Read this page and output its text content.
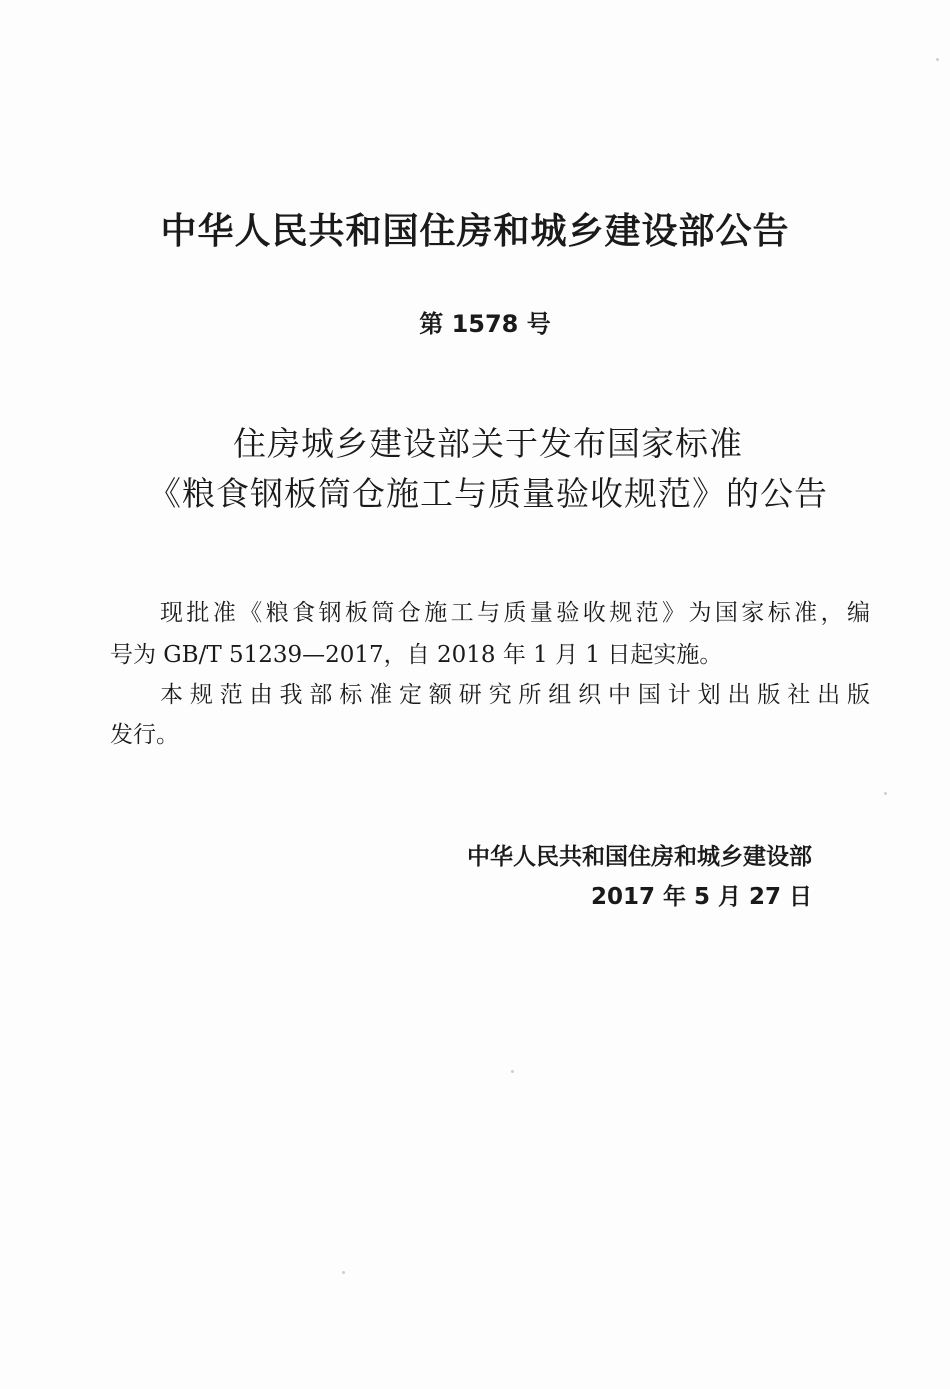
中华人民共和国住房和城乡建设部公告
第 1578 号
住房城乡建设部关于发布国家标准
《粮食钢板筒仓施工与质量验收规范》的公告
现批准《粮食钢板筒仓施工与质量验收规范》为国家标准，编
号为 GB/T 51239—2017，自 2018 年 1 月 1 日起实施。
本规范由我部标准定额研究所组织中国计划出版社出版
发行。
中华人民共和国住房和城乡建设部
2017 年 5 月 27 日
